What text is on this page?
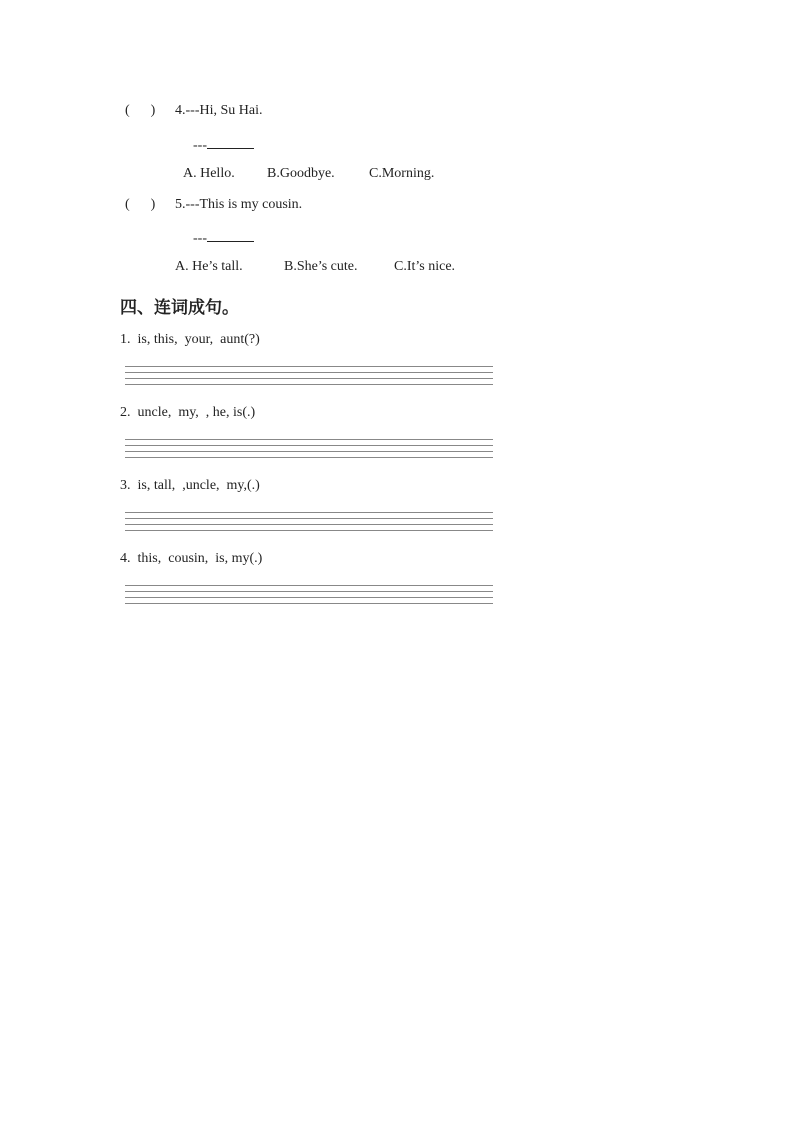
(      ) 4.---Hi, Su Hai.
---
A. Hello. B.Goodbye. C.Morning.
(      ) 5.---This is my cousin.
---
A. He’s tall.	B.She’s cute.	C.It’s nice.
四、连词成句。
1.  is, this,  your,  aunt(?)
2.  uncle,  my,  , he, is(.)
3.  is, tall,  ,uncle,  my,(.)
4.  this,  cousin,  is, my(.)
